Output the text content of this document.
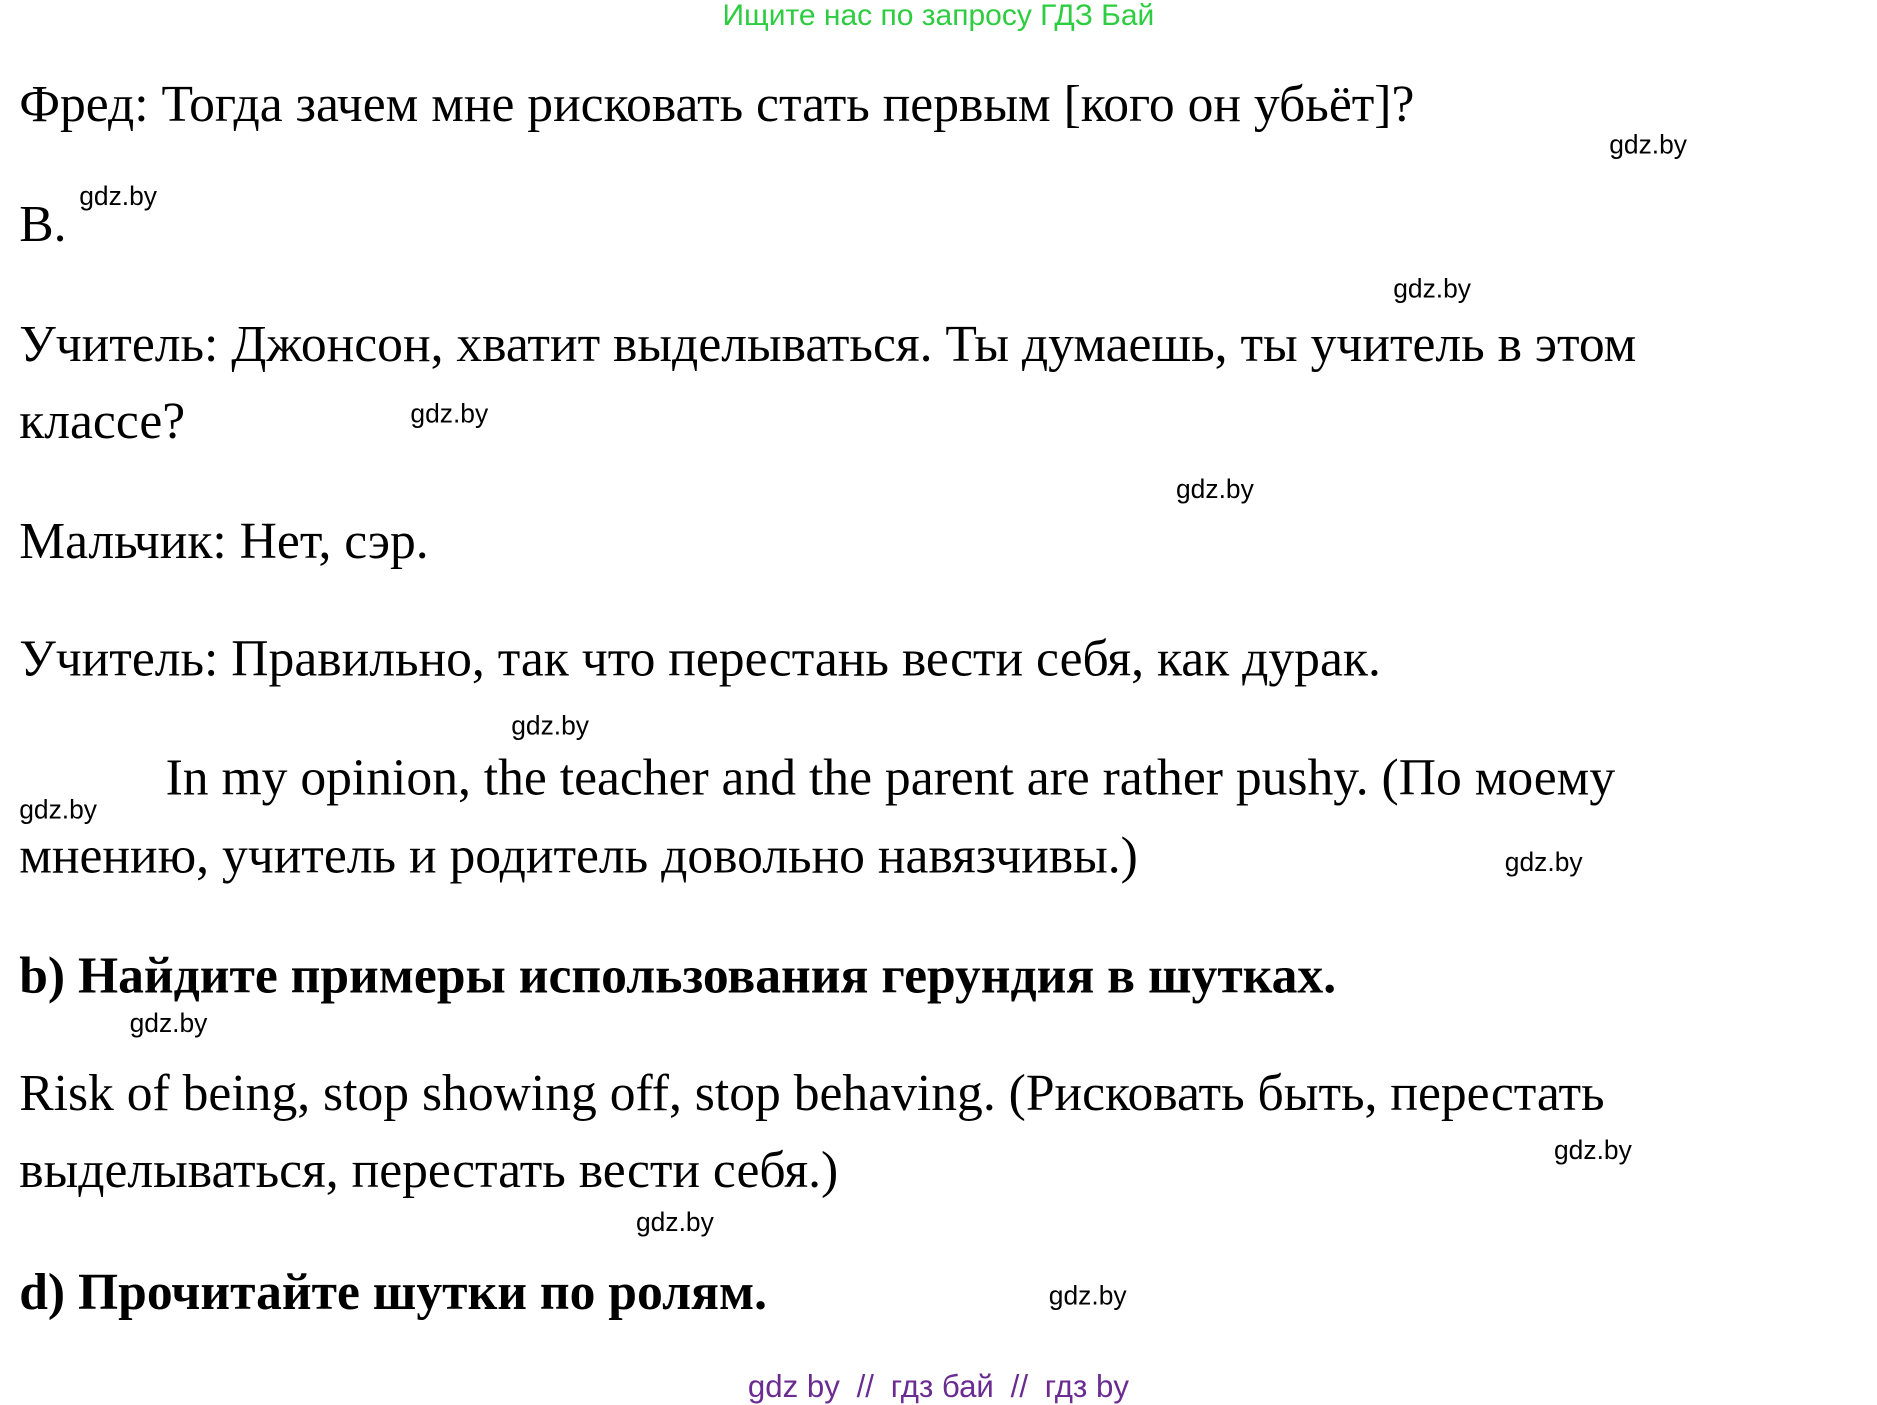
Ищите нас по запросу ГДЗ Бай
Фред: Тогда зачем мне рисковать стать первым [кого он убьёт]?
gdz.by
B.
gdz.by
gdz.by
Учитель: Джонсон, хватит выделываться. Ты думаешь, ты учитель в этом
классе?	gdz.by
gdz.by
Мальчик: Нет, сэр.
Учитель: Правильно, так что перестань вести себя, как дурак.
gdz.by
In my opinion, the teacher and the parent are rather pushy. (По моему
gdz.by
мнению, учитель и родитель довольно навязчивы.)	gdz.by
b) Найдите примеры использования герундия в шутках.
gdz.by
Risk of being, stop showing off, stop behaving. (Рисковать быть, перестать
выделываться, перестать вести себя.)	gdz.by
gdz.by
d) Прочитайте шутки по ролям.	gdz.by
gdz by // гдз бай // гдз by
